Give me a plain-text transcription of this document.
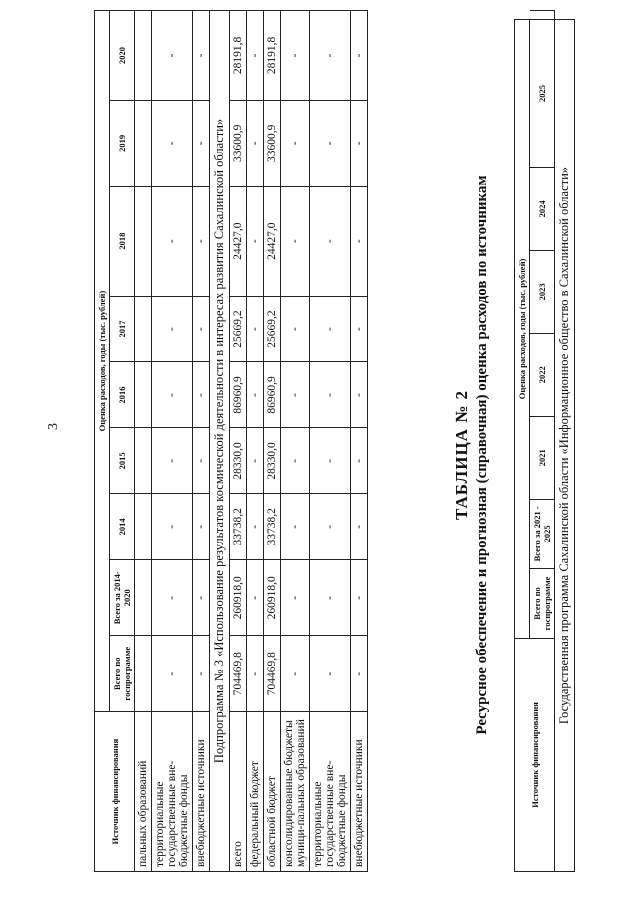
3
Источник финансирования	Оценка расходов, годы (тыс. рублей)								
	Всего по госпрограмме	Всего за 2014-2020	2014	2015	2016	2017	2018	2019	2020
пальных образований									
территориальные государственные вне-бюджетные фонды	-	-	-	-	-	-	-	-	-
внебюджетные источники	-	-	-	-	-	-	-	-	-
Подпрограмма № 3 «Использование результатов космической деятельности в интересах развития Сахалинской области»									
всего	704469,8	260918,0	33738,2	28330,0	86960,9	25669,2	24427,0	33600,9	28191,8
федеральный бюджет	-	-	-	-	-	-	-	-	-
областной бюджет	704469,8	260918,0	33738,2	28330,0	86960,9	25669,2	24427,0	33600,9	28191,8
консолидированные бюджеты муници-пальных образований	-	-	-	-	-	-	-	-	-
территориальные государственные вне-бюджетные фонды	-	-	-	-	-	-	-	-	-
внебюджетные источники	-	-	-	-	-	-	-	-	-
ТАБЛИЦА № 2 Ресурсное обеспечение и прогнозная (справочная) оценка расходов по источникам
Источник финансирования	Оценка расходов, годы (тыс. рублей)							
	Всего по госпрограмме	Всего за 2021 - 2025	2021	2022	2023	2024	2025	
Государственная программа Сахалинской области «Информационное общество в Сахалинской области»								
